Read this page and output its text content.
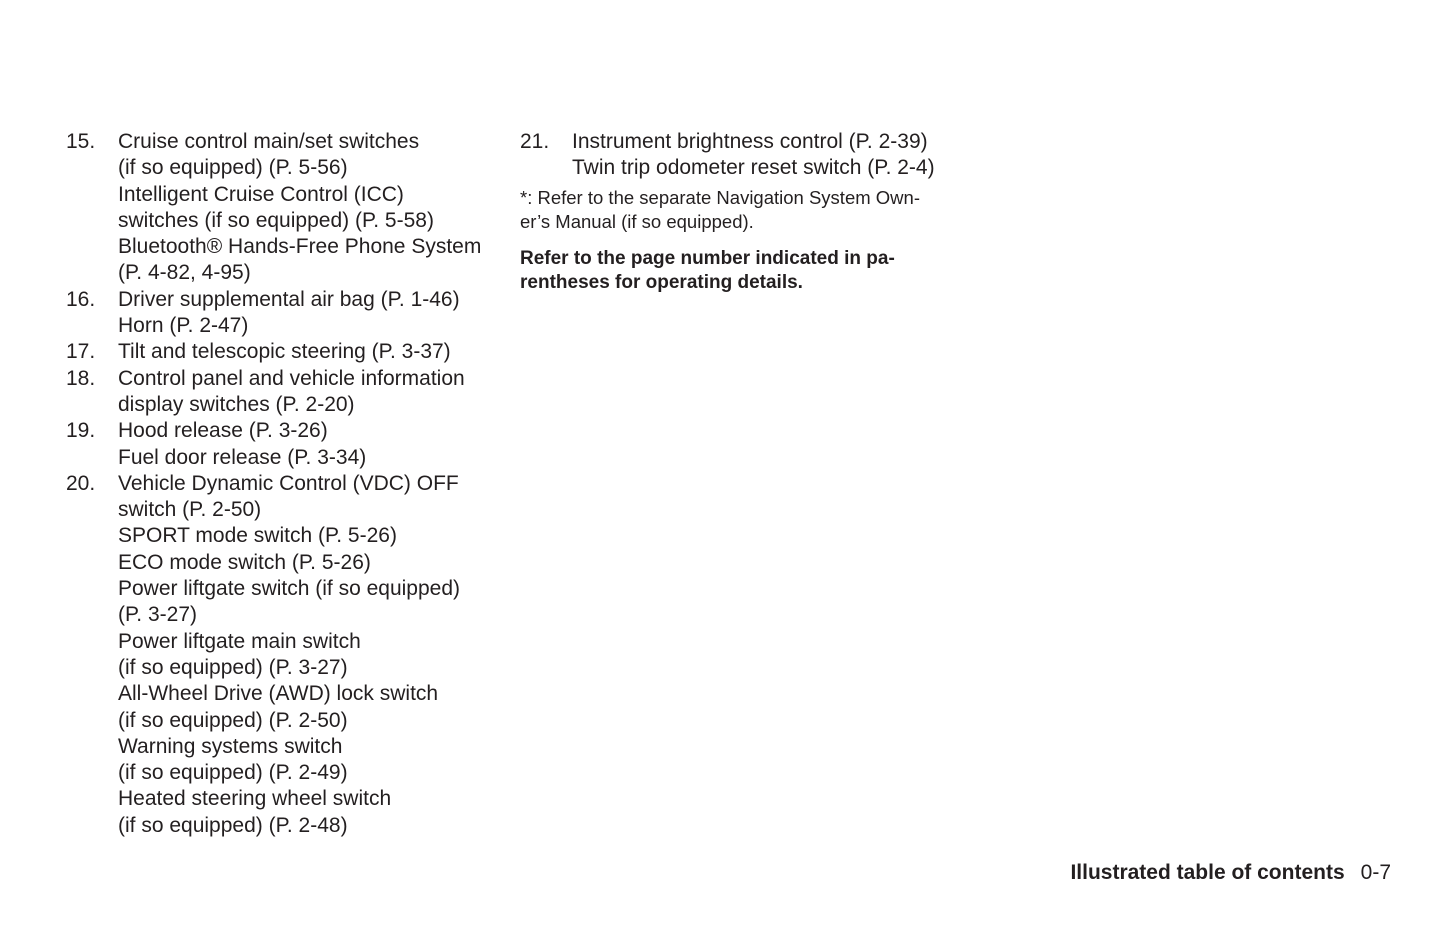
15. Cruise control main/set switches
(if so equipped) (P. 5-56)
Intelligent Cruise Control (ICC)
switches (if so equipped) (P. 5-58)
Bluetooth® Hands-Free Phone System
(P. 4-82, 4-95)
16. Driver supplemental air bag (P. 1-46)
Horn (P. 2-47)
17. Tilt and telescopic steering (P. 3-37)
18. Control panel and vehicle information
display switches (P. 2-20)
19. Hood release (P. 3-26)
Fuel door release (P. 3-34)
20. Vehicle Dynamic Control (VDC) OFF
switch (P. 2-50)
SPORT mode switch (P. 5-26)
ECO mode switch (P. 5-26)
Power liftgate switch (if so equipped)
(P. 3-27)
Power liftgate main switch
(if so equipped) (P. 3-27)
All-Wheel Drive (AWD) lock switch
(if so equipped) (P. 2-50)
Warning systems switch
(if so equipped) (P. 2-49)
Heated steering wheel switch
(if so equipped) (P. 2-48)
21. Instrument brightness control (P. 2-39)
Twin trip odometer reset switch (P. 2-4)
*: Refer to the separate Navigation System Own-
er’s Manual (if so equipped).
Refer to the page number indicated in pa-
rentheses for operating details.
Illustrated table of contents 0-7
